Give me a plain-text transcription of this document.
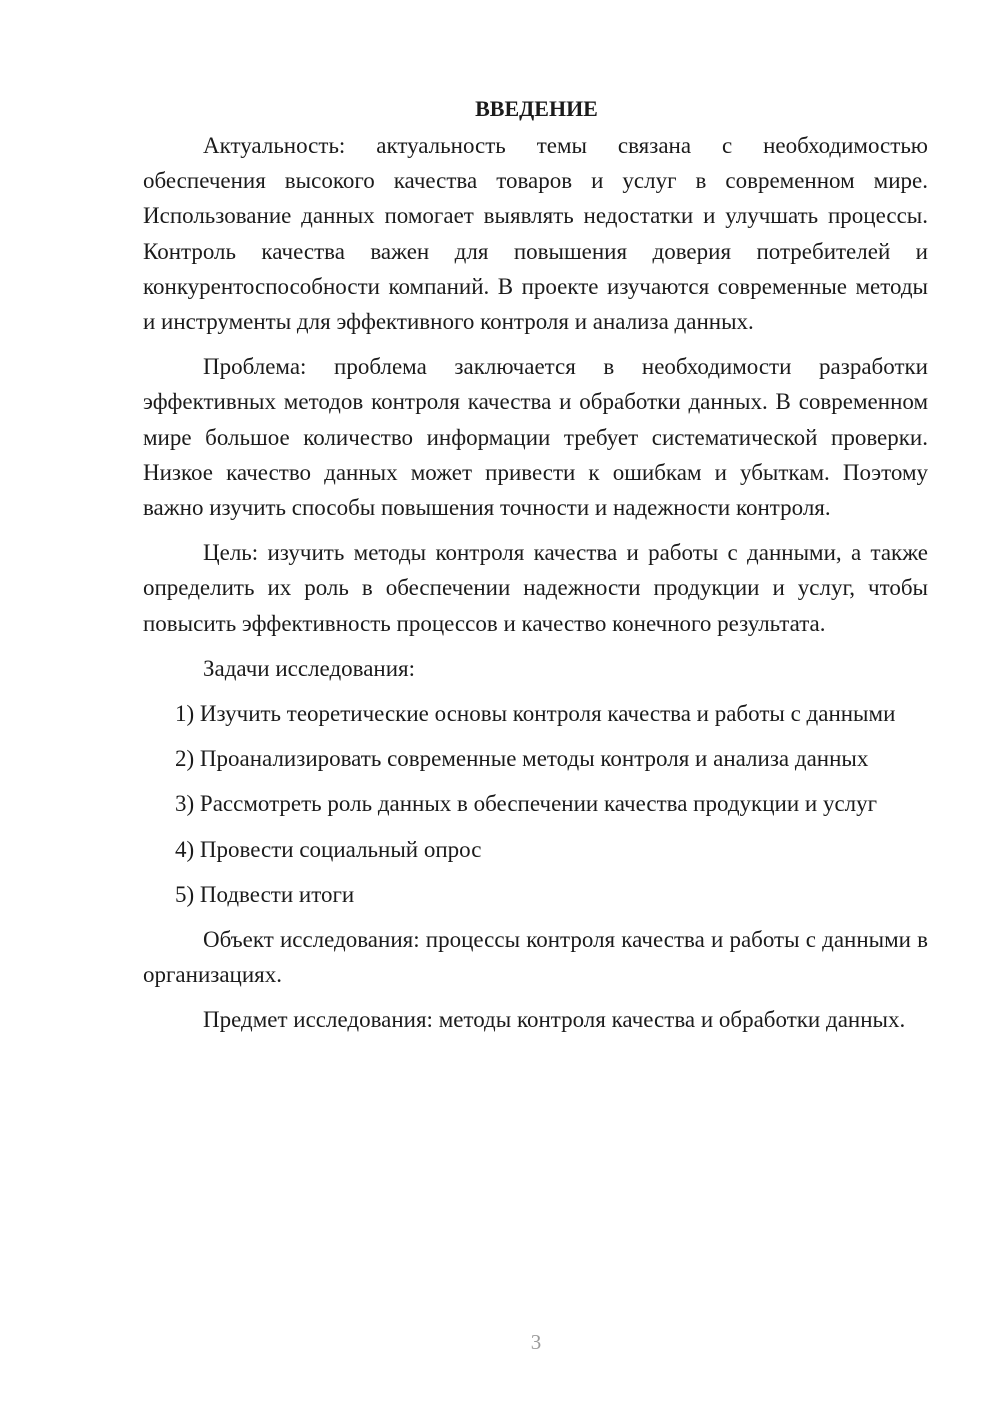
ВВЕДЕНИЕ

Актуальность: актуальность темы связана с необходимостью обеспечения высокого качества товаров и услуг в современном мире. Использование данных помогает выявлять недостатки и улучшать процессы. Контроль качества важен для повышения доверия потребителей и конкурентоспособности компаний. В проекте изучаются современные методы и инструменты для эффективного контроля и анализа данных.

Проблема: проблема заключается в необходимости разработки эффективных методов контроля качества и обработки данных. В современном мире большое количество информации требует систематической проверки. Низкое качество данных может привести к ошибкам и убыткам. Поэтому важно изучить способы повышения точности и надежности контроля.

Цель: изучить методы контроля качества и работы с данными, а также определить их роль в обеспечении надежности продукции и услуг, чтобы повысить эффективность процессов и качество конечного результата.

Задачи исследования:

1) Изучить теоретические основы контроля качества и работы с данными

2) Проанализировать современные методы контроля и анализа данных

3) Рассмотреть роль данных в обеспечении качества продукции и услуг

4) Провести социальный опрос

5) Подвести итоги

Объект исследования: процессы контроля качества и работы с данными в организациях.

Предмет исследования: методы контроля качества и обработки данных.

3
